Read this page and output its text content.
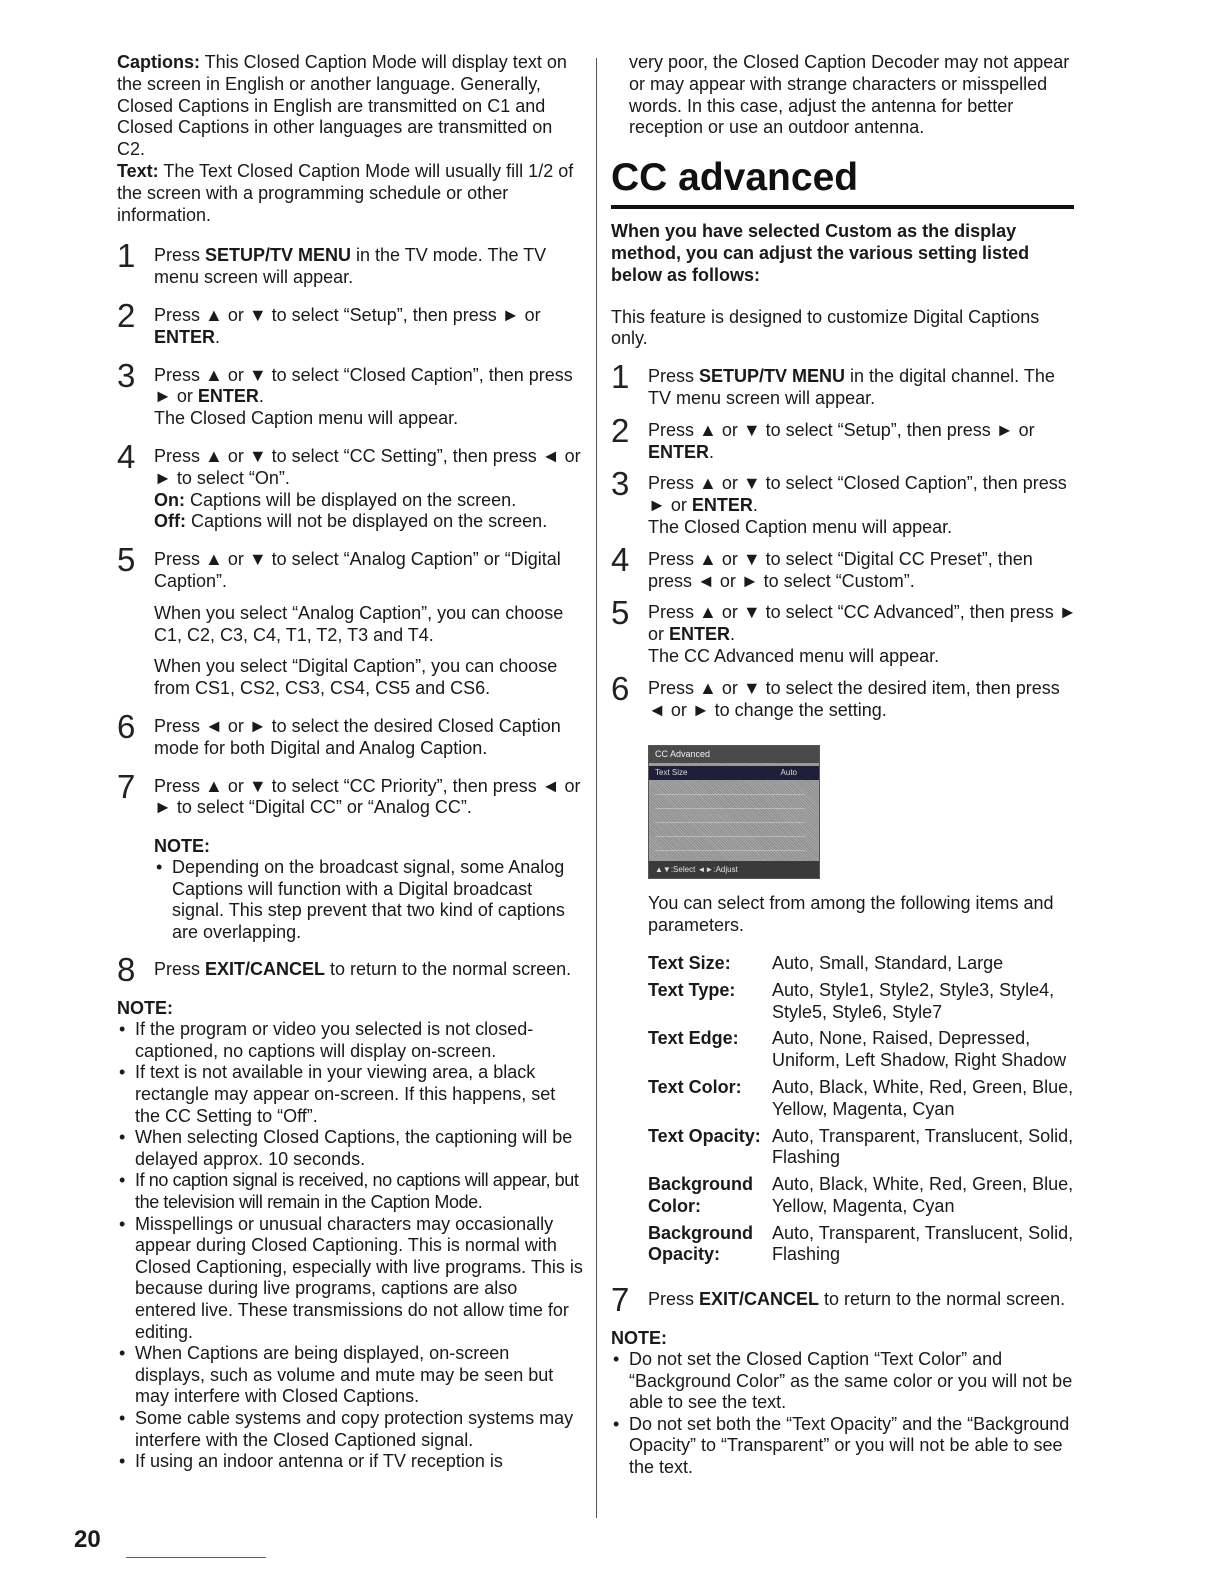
Captions: This Closed Caption Mode will display text on the screen in English or another language. Generally, Closed Captions in English are transmitted on C1 and Closed Captions in other languages are transmitted on C2.

Text: The Text Closed Caption Mode will usually fill 1/2 of the screen with a programming schedule or other information.

1 Press SETUP/TV MENU in the TV mode. The TV menu screen will appear.
2 Press ▲ or ▼ to select “Setup”, then press ► or ENTER.
3 Press ▲ or ▼ to select “Closed Caption”, then press ► or ENTER.

The Closed Caption menu will appear.

4 Press ▲ or ▼ to select “CC Setting”, then press ◄ or ► to select “On”.

On: Captions will be displayed on the screen.

Off: Captions will not be displayed on the screen.

5 Press ▲ or ▼ to select “Analog Caption” or “Digital Caption”.

When you select “Analog Caption”, you can choose C1, C2, C3, C4, T1, T2, T3 and T4.

When you select “Digital Caption”, you can choose from CS1, CS2, CS3, CS4, CS5 and CS6.

6 Press ◄ or ► to select the desired Closed Caption mode for both Digital and Analog Caption.
7 Press ▲ or ▼ to select “CC Priority”, then press ◄ or ► to select “Digital CC” or “Analog CC”.

NOTE:

• Depending on the broadcast signal, some Analog Captions will function with a Digital broadcast signal. This step prevent that two kind of captions are overlapping.
8 Press EXIT/CANCEL to return to the normal screen.

NOTE:

• If the program or video you selected is not closed-captioned, no captions will display on-screen.
• If text is not available in your viewing area, a black rectangle may appear on-screen. If this happens, set the CC Setting to “Off”.
• When selecting Closed Captions, the captioning will be delayed approx. 10 seconds.
• If no caption signal is received, no captions will appear, but the television will remain in the Caption Mode.
• Misspellings or unusual characters may occasionally appear during Closed Captioning. This is normal with Closed Captioning, especially with live programs. This is because during live programs, captions are also entered live. These transmissions do not allow time for editing.
• When Captions are being displayed, on-screen displays, such as volume and mute may be seen but may interfere with Closed Captions.
• Some cable systems and copy protection systems may interfere with the Closed Captioned signal.
• If using an indoor antenna or if TV reception is

very poor, the Closed Caption Decoder may not appear or may appear with strange characters or misspelled words. In this case, adjust the antenna for better reception or use an outdoor antenna.

CC advanced

When you have selected Custom as the display method, you can adjust the various setting listed below as follows:

This feature is designed to customize Digital Captions only.

1 Press SETUP/TV MENU in the digital channel. The TV menu screen will appear.
2 Press ▲ or ▼ to select “Setup”, then press ► or ENTER.
3 Press ▲ or ▼ to select “Closed Caption”, then press ► or ENTER.

The Closed Caption menu will appear.

4 Press ▲ or ▼ to select “Digital CC Preset”, then press ◄ or ► to select “Custom”.
5 Press ▲ or ▼ to select “CC Advanced”, then press ► or ENTER.

The CC Advanced menu will appear.

6 Press ▲ or ▼ to select the desired item, then press ◄ or ► to change the setting.
CC Advanced
Text Size	Auto
▲▼:Select ◄►:Adjust

You can select from among the following items and parameters.

Text Size:	Auto, Small, Standard, Large
Text Type:	Auto, Style1, Style2, Style3, Style4, Style5, Style6, Style7
Text Edge:	Auto, None, Raised, Depressed, Uniform, Left Shadow, Right Shadow
Text Color:	Auto, Black, White, Red, Green, Blue, Yellow, Magenta, Cyan
Text Opacity:	Auto, Transparent, Translucent, Solid, Flashing
Background Color:	Auto, Black, White, Red, Green, Blue, Yellow, Magenta, Cyan
Background Opacity:	Auto, Transparent, Translucent, Solid, Flashing
7 Press EXIT/CANCEL to return to the normal screen.

NOTE:

• Do not set the Closed Caption “Text Color” and “Background Color” as the same color or you will not be able to see the text.
• Do not set both the “Text Opacity” and the “Background Opacity” to “Transparent” or you will not be able to see the text.
20
